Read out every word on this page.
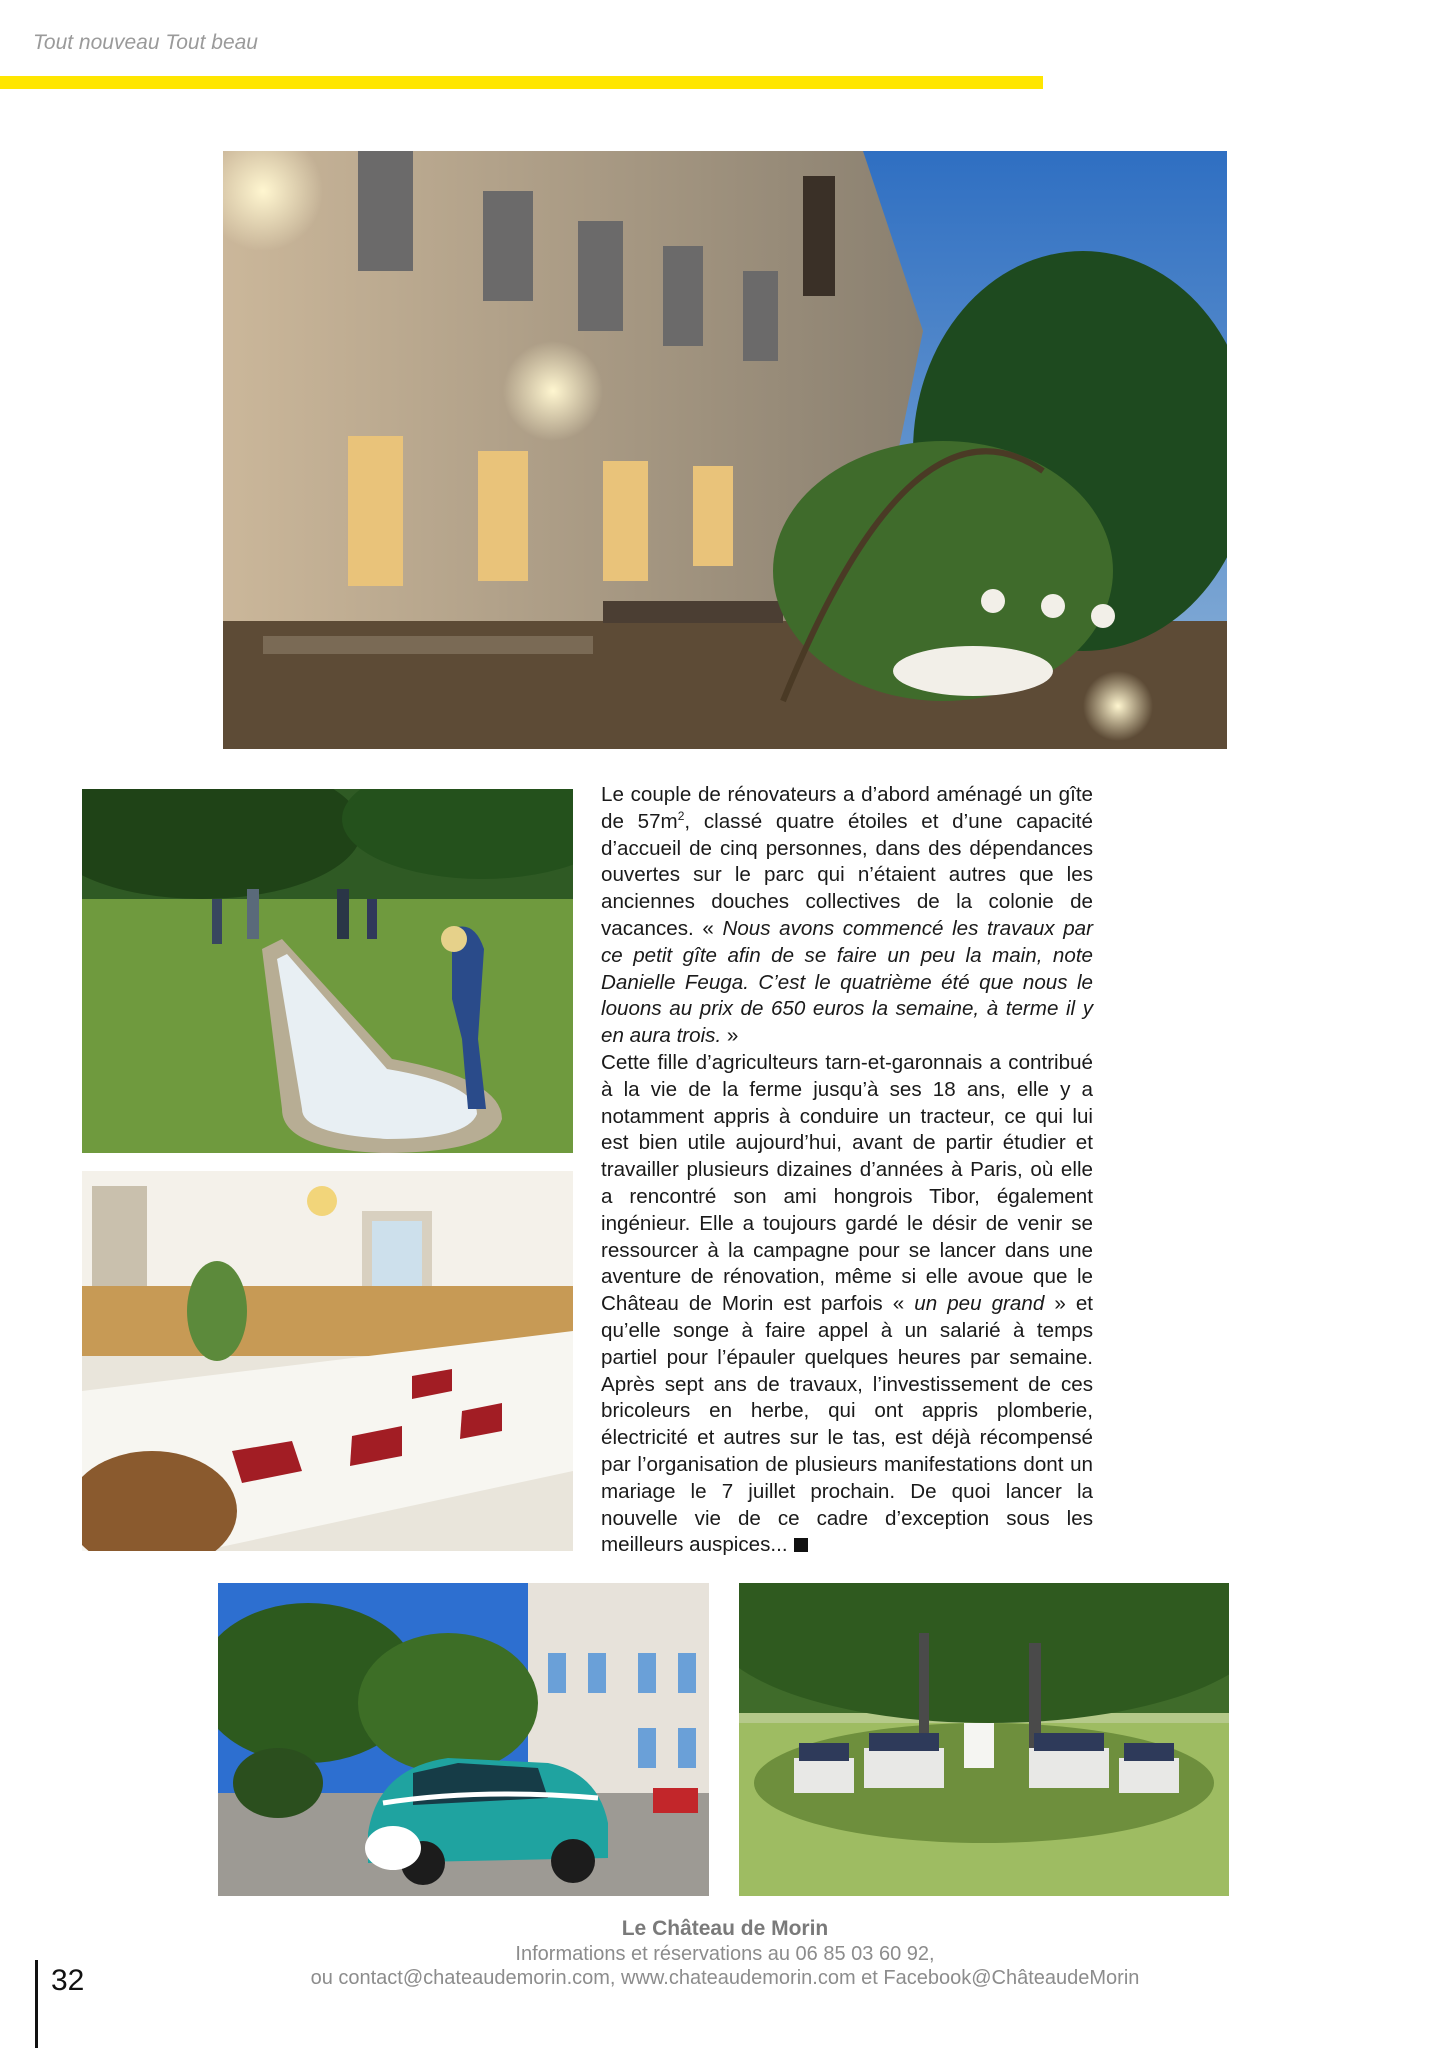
Tout nouveau Tout beau

Le couple de rénovateurs a d’abord aménagé un gîte de $57m^2$, classé quatre étoiles et d’une capacité d’accueil de cinq personnes, dans des dépendances ouvertes sur le parc qui n’étaient autres que les anciennes douches collectives de la colonie de vacances. « Nous avons commencé les travaux par ce petit gîte afin de se faire un peu la main, note Danielle Feuga. C’est le quatrième été que nous le louons au prix de 650 euros la semaine, à terme il y en aura trois. »

Cette fille d’agriculteurs tarn-et-garonnais a contribué à la vie de la ferme jusqu’à ses 18 ans, elle y a notamment appris à conduire un tracteur, ce qui lui est bien utile aujourd’hui, avant de partir étudier et travailler plusieurs dizaines d’années à Paris, où elle a rencontré son ami hongrois Tibor, également ingénieur. Elle a toujours gardé le désir de venir se ressourcer à la campagne pour se lancer dans une aventure de rénovation, même si elle avoue que le Château de Morin est parfois « un peu grand » et qu’elle songe à faire appel à un salarié à temps partiel pour l’épauler quelques heures par semaine. Après sept ans de travaux, l’investissement de ces bricoleurs en herbe, qui ont appris plomberie, électricité et autres sur le tas, est déjà récompensé par l’organisation de plusieurs manifestations dont un mariage le 7 juillet prochain. De quoi lancer la nouvelle vie de ce cadre d’exception sous les meilleurs auspices...

Le Château de Morin
Informations et réservations au 06 85 03 60 92,
ou contact@chateaudemorin.com, www.chateaudemorin.com et Facebook@ChâteaudeMorin
32
